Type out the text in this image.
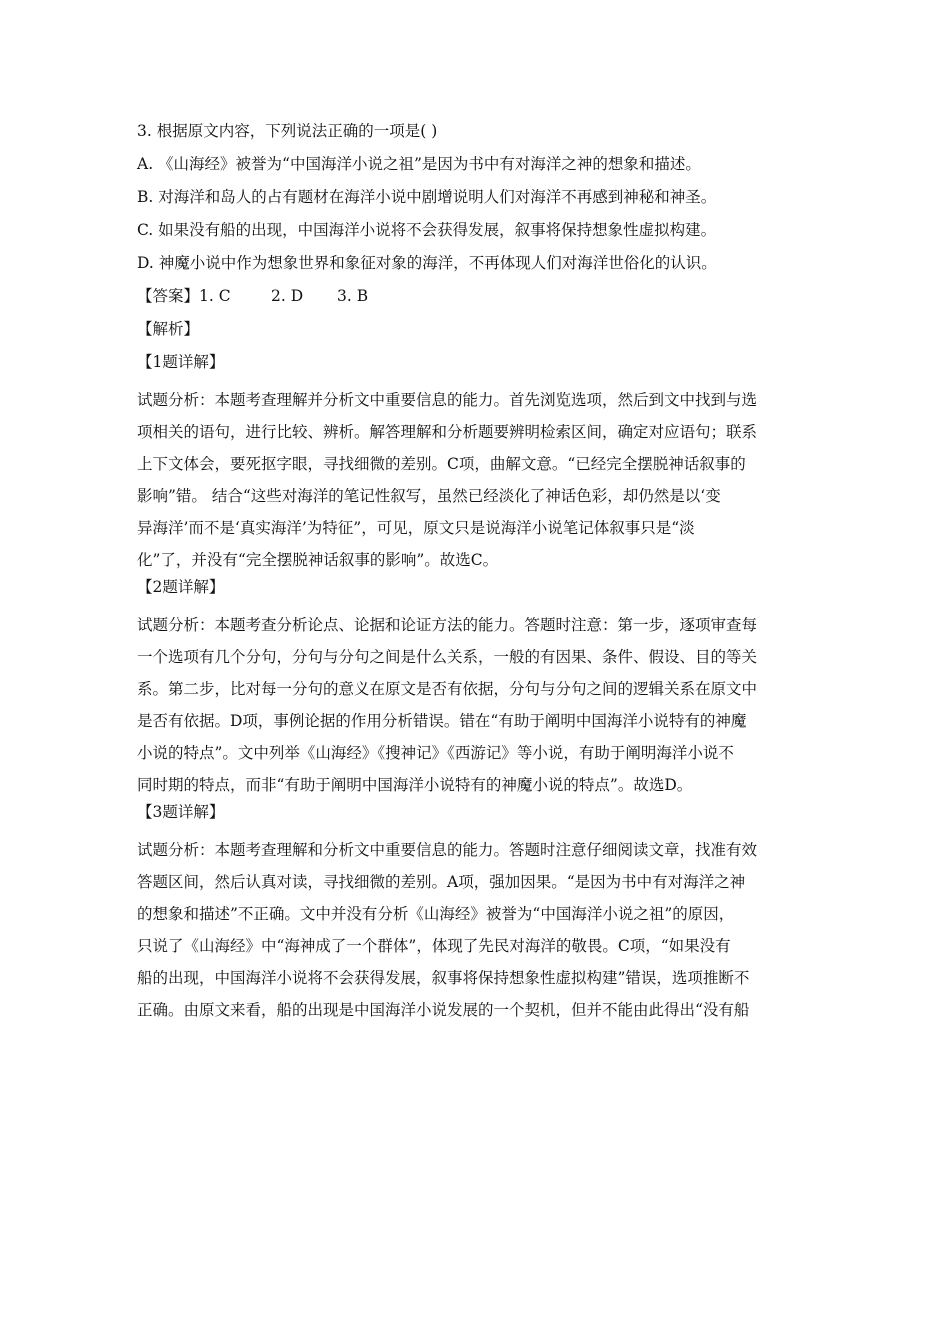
3. 根据原文内容，下列说法正确的一项是( )
A. 《山海经》被誉为“中国海洋小说之祖”是因为书中有对海洋之神的想象和描述。
B. 对海洋和岛人的占有题材在海洋小说中剧增说明人们对海洋不再感到神秘和神圣。
C. 如果没有船的出现，中国海洋小说将不会获得发展，叙事将保持想象性虚拟构建。
D. 神魔小说中作为想象世界和象征对象的海洋，不再体现人们对海洋世俗化的认识。
【答案】1. C	2. D 3. B
【解析】
【1题详解】

试题分析：本题考查理解并分析文中重要信息的能力。首先浏览选项，然后到文中找到与选

项相关的语句，进行比较、辨析。解答理解和分析题要辨明检索区间，确定对应语句；联系

上下文体会，要死抠字眼，寻找细微的差别。C项，曲解文意。“已经完全摆脱神话叙事的

影响”错。 结合“这些对海洋的笔记性叙写，虽然已经淡化了神话色彩，却仍然是以‘变

异海洋’而不是‘真实海洋’为特征”，可见，原文只是说海洋小说笔记体叙事只是“淡

化”了，并没有“完全摆脱神话叙事的影响”。故选C。

【2题详解】

试题分析：本题考查分析论点、论据和论证方法的能力。答题时注意：第一步，逐项审查每

一个选项有几个分句，分句与分句之间是什么关系，一般的有因果、条件、假设、目的等关

系。第二步，比对每一分句的意义在原文是否有依据，分句与分句之间的逻辑关系在原文中

是否有依据。D项，事例论据的作用分析错误。错在“有助于阐明中国海洋小说特有的神魔

小说的特点”。文中列举《山海经》《搜神记》《西游记》等小说，有助于阐明海洋小说不

同时期的特点，而非“有助于阐明中国海洋小说特有的神魔小说的特点”。故选D。

【3题详解】

试题分析：本题考查理解和分析文中重要信息的能力。答题时注意仔细阅读文章，找准有效

答题区间，然后认真对读，寻找细微的差别。A项，强加因果。“是因为书中有对海洋之神

的想象和描述”不正确。文中并没有分析《山海经》被誉为“中国海洋小说之祖”的原因，

只说了《山海经》中“海神成了一个群体”，体现了先民对海洋的敬畏。C项，“如果没有

船的出现，中国海洋小说将不会获得发展，叙事将保持想象性虚拟构建”错误，选项推断不

正确。由原文来看，船的出现是中国海洋小说发展的一个契机，但并不能由此得出“没有船
